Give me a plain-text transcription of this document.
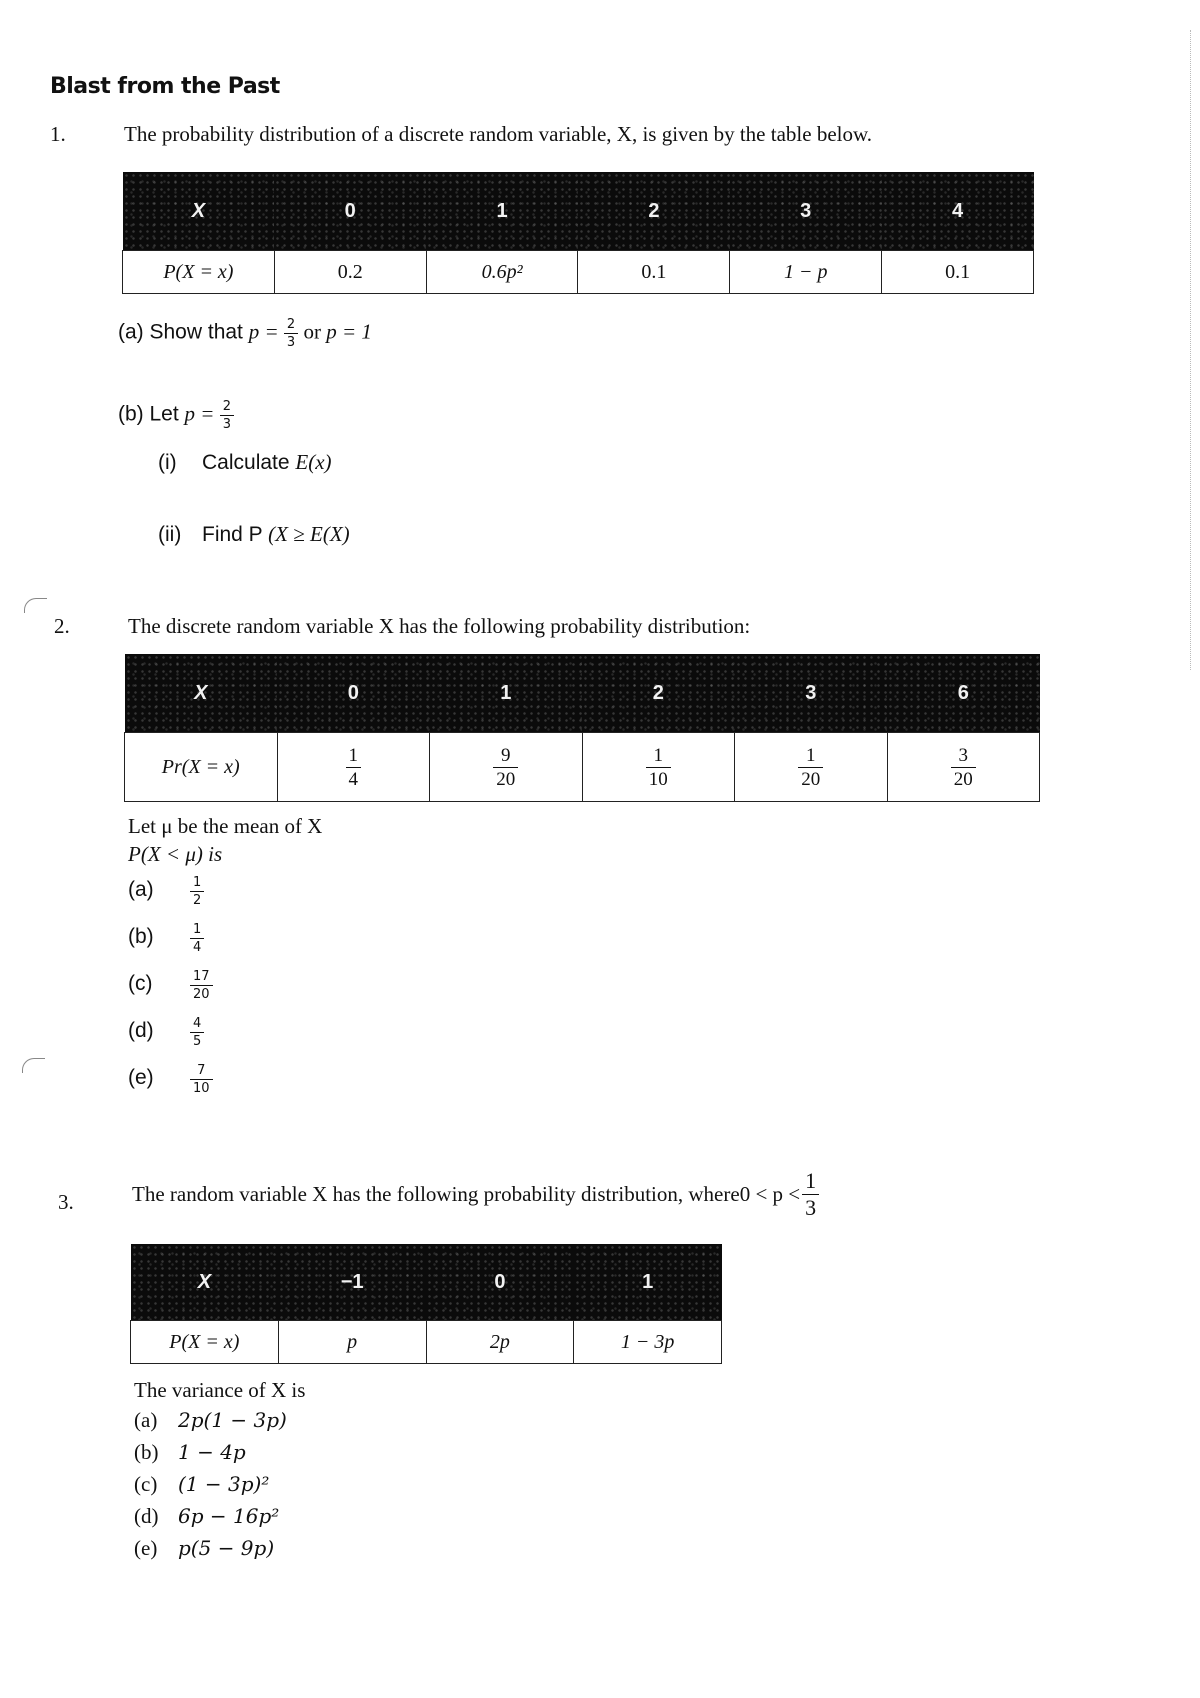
Blast from the Past
1.	The probability distribution of a discrete random variable, X, is given by the table below.
X	0	1	2	3	4
P(X = x)	0.2	0.6p²	0.1	1 − p	0.1
(a) Show that $p = \frac{2}{3}$ or p = 1
(b) Let $p = \frac{2}{3}$
(i) Calculate E(x)
(ii) Find P (X ≥ E(X)
2.	The discrete random variable X has the following probability distribution:
X	0	1	2	3	6
Pr(X = x)	$\frac{1}{4}$	$\frac{9}{20}$	$\frac{1}{10}$	$\frac{1}{20}$	$\frac{3}{20}$
Let μ be the mean of X
P(X < μ) is
(a)	$\frac{1}{2}$
(b)	$\frac{1}{4}$
(c)	$\frac{17}{20}$
(d)	$\frac{4}{5}$
(e)	$\frac{7}{10}$
3.	The random variable X has the following probability distribution, where $0 < p < \frac{1}{3}$
X	−1	0	1
P(X = x)	p	2p	1 − 3p
The variance of X is
(a) 2p(1 − 3p)
(b) 1 − 4p
(c) (1 − 3p)²
(d) 6p − 16p²
(e) p(5 − 9p)
